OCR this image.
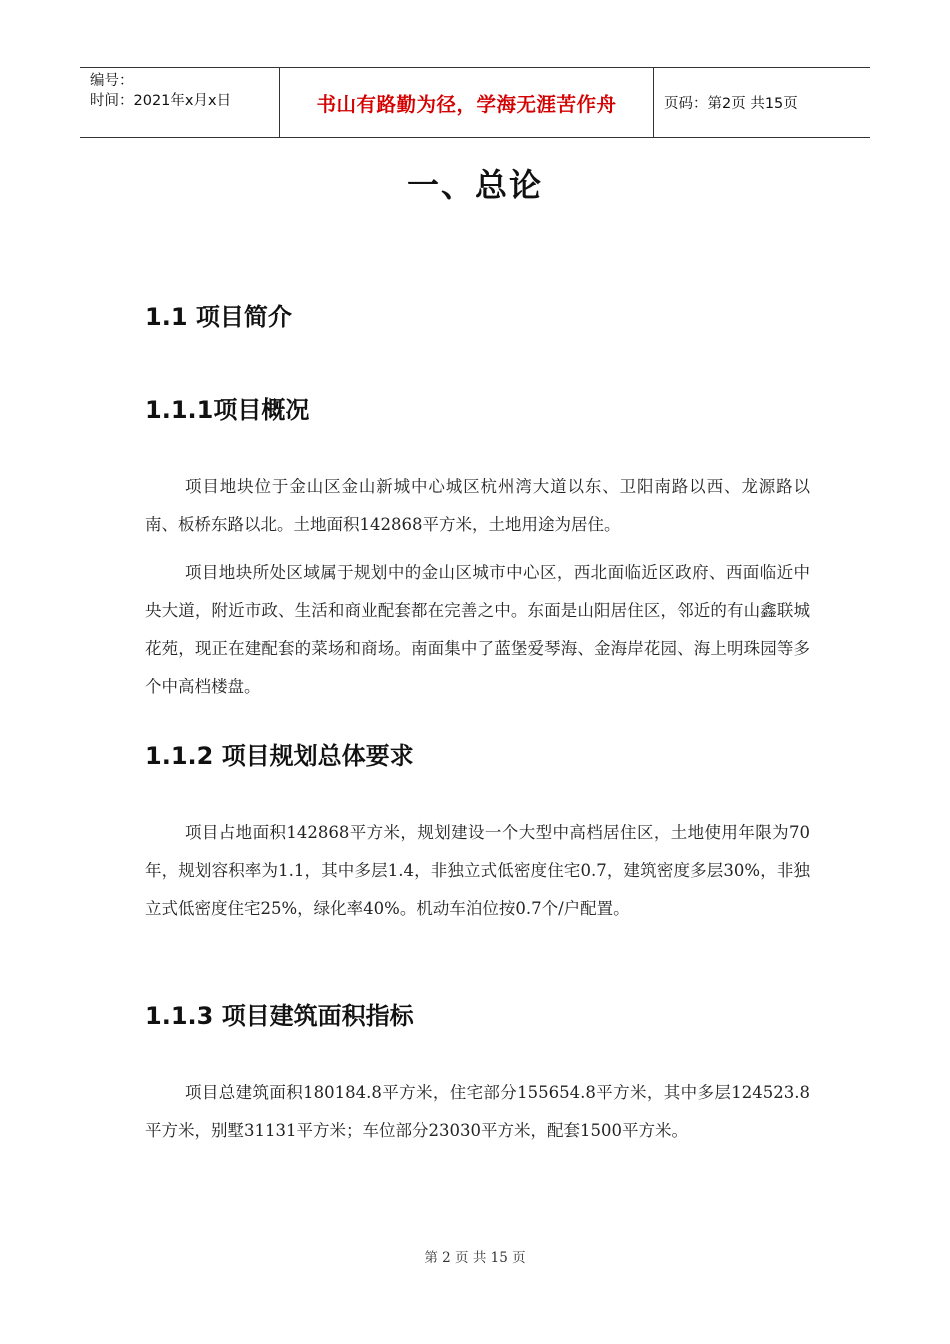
编号：
时间：2021年x月x日	书山有路勤为径，学海无涯苦作舟	页码：第2页 共15页
一、总论
1.1 项目简介
1.1.1项目概况

项目地块位于金山区金山新城中心城区杭州湾大道以东、卫阳南路以西、龙源路以南、板桥东路以北。土地面积142868平方米，土地用途为居住。

项目地块所处区域属于规划中的金山区城市中心区，西北面临近区政府、西面临近中央大道，附近市政、生活和商业配套都在完善之中。东面是山阳居住区，邻近的有山鑫联城花苑，现正在建配套的菜场和商场。南面集中了蓝堡爱琴海、金海岸花园、海上明珠园等多个中高档楼盘。

1.1.2 项目规划总体要求

项目占地面积142868平方米，规划建设一个大型中高档居住区，土地使用年限为70年，规划容积率为1.1，其中多层1.4，非独立式低密度住宅0.7，建筑密度多层30%，非独立式低密度住宅25%，绿化率40%。机动车泊位按0.7个/户配置。

1.1.3 项目建筑面积指标

项目总建筑面积180184.8平方米，住宅部分155654.8平方米，其中多层124523.8平方米，别墅31131平方米；车位部分23030平方米，配套1500平方米。

第 2 页 共 15 页
